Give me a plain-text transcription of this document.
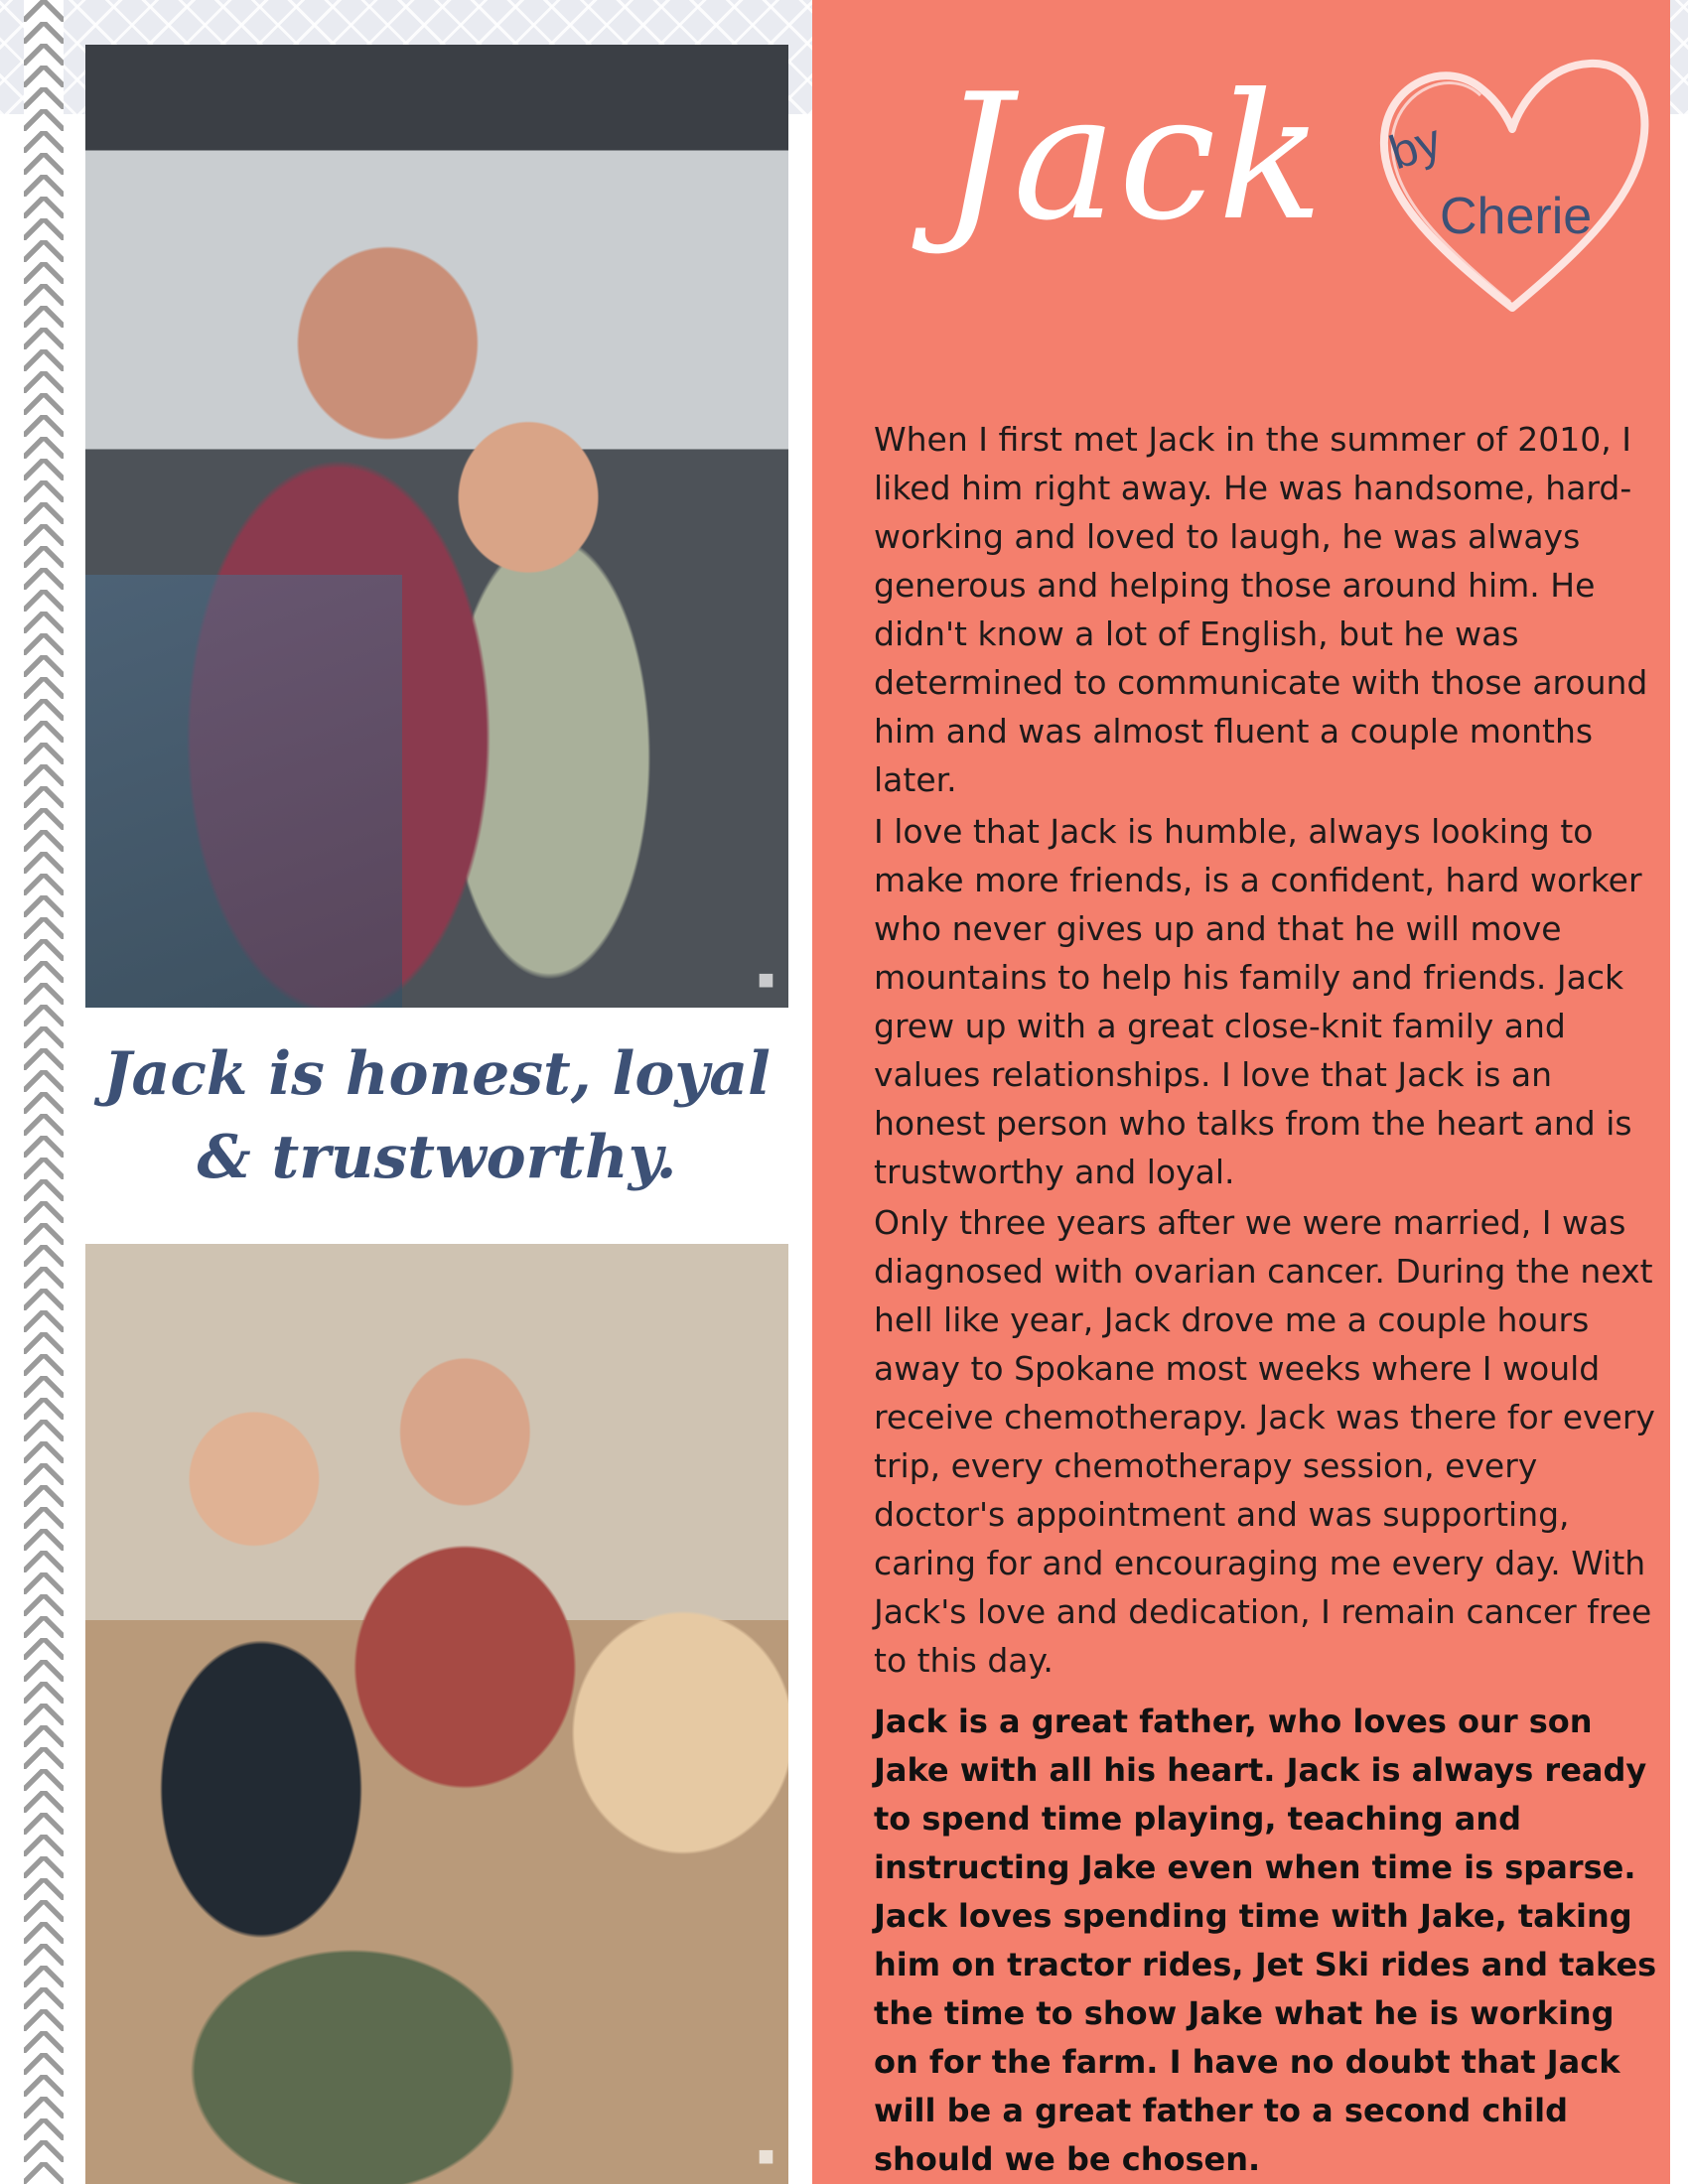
■
Jack is honest, loyal & trustworthy.
■
Jack by
Cherie

When I first met Jack in the summer of 2010, I liked him right away. He was handsome, hard-working and loved to laugh, he was always generous and helping those around him. He didn't know a lot of English, but he was determined to communicate with those around him and was almost fluent a couple months later.

I love that Jack is humble, always looking to make more friends, is a confident, hard worker who never gives up and that he will move mountains to help his family and friends. Jack grew up with a great close-knit family and values relationships. I love that Jack is an honest person who talks from the heart and is trustworthy and loyal.

Only three years after we were married, I was diagnosed with ovarian cancer. During the next hell like year, Jack drove me a couple hours away to Spokane most weeks where I would receive chemotherapy. Jack was there for every trip, every chemotherapy session, every doctor's appointment and was supporting, caring for and encouraging me every day. With Jack's love and dedication, I remain cancer free to this day.

Jack is a great father, who loves our son Jake with all his heart. Jack is always ready to spend time playing, teaching and instructing Jake even when time is sparse. Jack loves spending time with Jake, taking him on tractor rides, Jet Ski rides and takes the time to show Jake what he is working on for the farm. I have no doubt that Jack will be a great father to a second child should we be chosen.
